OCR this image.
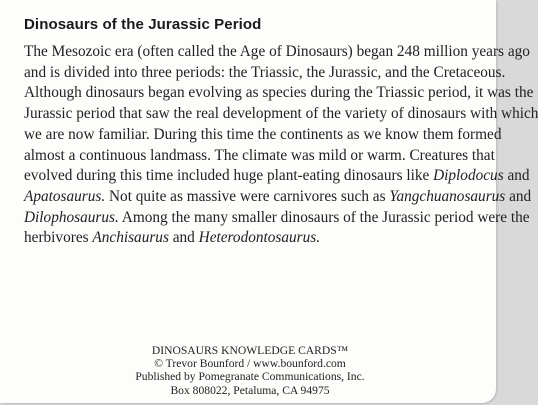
Dinosaurs of the Jurassic Period
The Mesozoic era (often called the Age of Dinosaurs) began 248 million years ago
and is divided into three periods: the Triassic, the Jurassic, and the Cretaceous.
Although dinosaurs began evolving as species during the Triassic period, it was the
Jurassic period that saw the real development of the variety of dinosaurs with which
we are now familiar. During this time the continents as we know them formed
almost a continuous landmass. The climate was mild or warm. Creatures that
evolved during this time included huge plant-eating dinosaurs like Diplodocus and
Apatosaurus. Not quite as massive were carnivores such as Yangchuanosaurus and
Dilophosaurus. Among the many smaller dinosaurs of the Jurassic period were the
herbivores Anchisaurus and Heterodontosaurus.
DINOSAURS KNOWLEDGE CARDS™
© Trevor Bounford / www.bounford.com
Published by Pomegranate Communications, Inc.
Box 808022, Petaluma, CA 94975
